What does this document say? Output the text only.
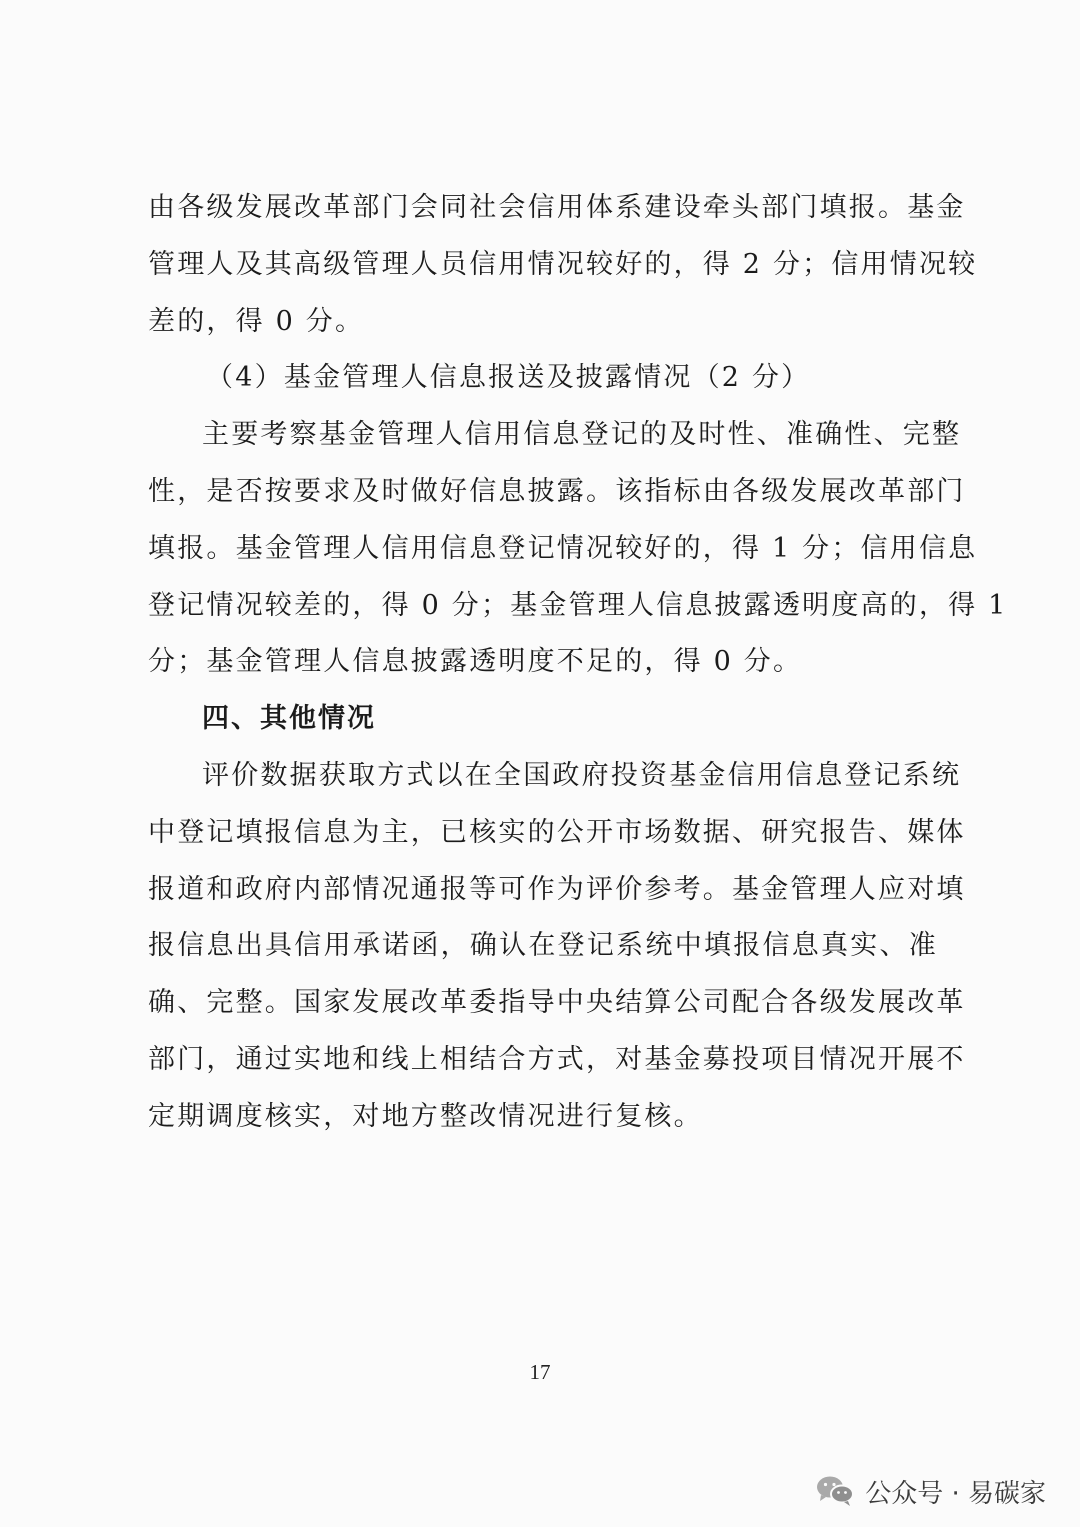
由各级发展改革部门会同社会信用体系建设牵头部门填报。基金
管理人及其高级管理人员信用情况较好的，得 2 分；信用情况较
差的，得 0 分。
（4）基金管理人信息报送及披露情况（2 分）
主要考察基金管理人信用信息登记的及时性、准确性、完整
性，是否按要求及时做好信息披露。该指标由各级发展改革部门
填报。基金管理人信用信息登记情况较好的，得 1 分；信用信息
登记情况较差的，得 0 分；基金管理人信息披露透明度高的，得 1
分；基金管理人信息披露透明度不足的，得 0 分。
四、其他情况
评价数据获取方式以在全国政府投资基金信用信息登记系统
中登记填报信息为主，已核实的公开市场数据、研究报告、媒体
报道和政府内部情况通报等可作为评价参考。基金管理人应对填
报信息出具信用承诺函，确认在登记系统中填报信息真实、准
确、完整。国家发展改革委指导中央结算公司配合各级发展改革
部门，通过实地和线上相结合方式，对基金募投项目情况开展不
定期调度核实，对地方整改情况进行复核。
17
公众号 · 易碳家
